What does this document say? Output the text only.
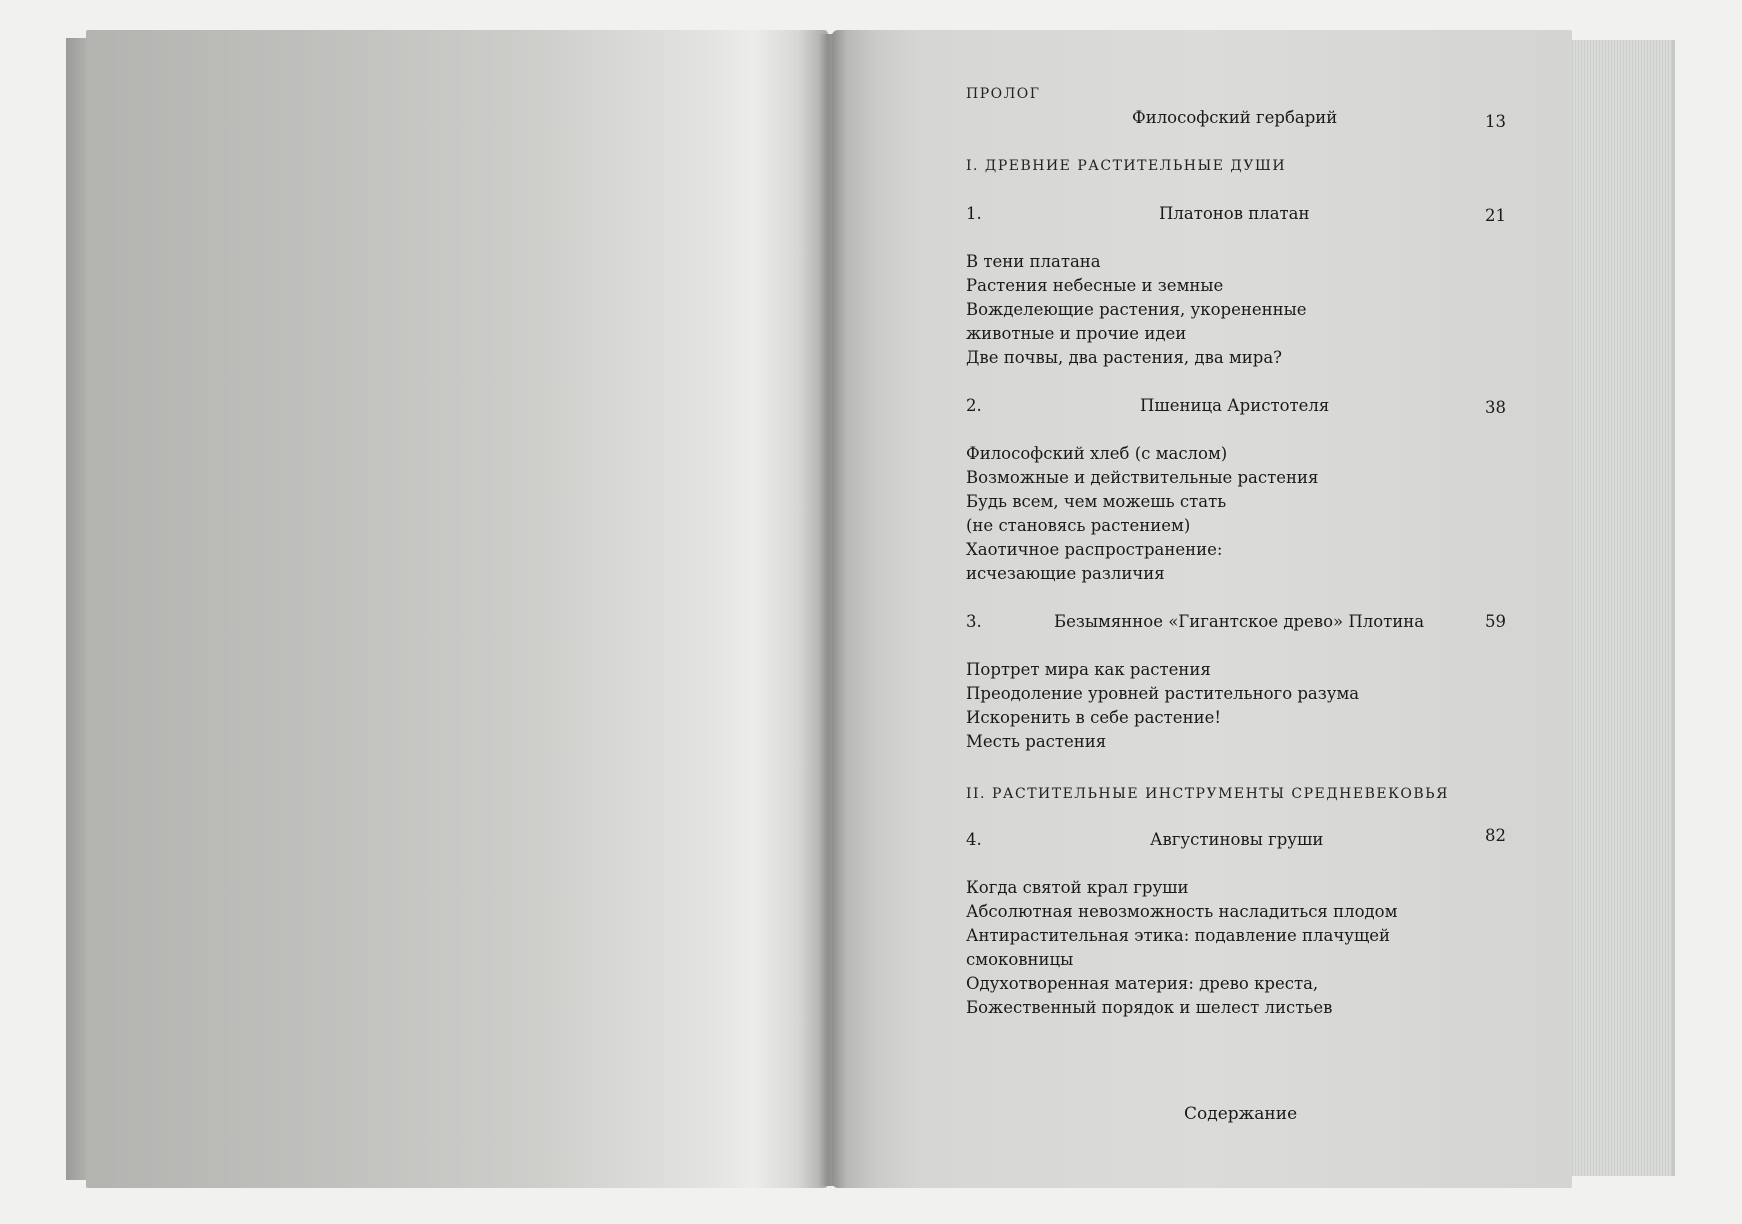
ПРОЛОГ
Философский гербарий	13
I. ДРЕВНИЕ РАСТИТЕЛЬНЫЕ ДУШИ
1.	Платонов платан	21
В тени платана
Растения небесные и земные
Вожделеющие растения, укорененные
животные и прочие идеи
Две почвы, два растения, два мира?
2.	Пшеница Аристотеля	38
Философский хлеб (с маслом)
Возможные и действительные растения
Будь всем, чем можешь стать
(не становясь растением)
Хаотичное распространение:
исчезающие различия
3.	Безымянное «Гигантское древо» Плотина	59
Портрет мира как растения
Преодоление уровней растительного разума
Искоренить в себе растение!
Месть растения
II. РАСТИТЕЛЬНЫЕ ИНСТРУМЕНТЫ СРЕДНЕВЕКОВЬЯ
4.	Августиновы груши	82
Когда святой крал груши
Абсолютная невозможность насладиться плодом
Антирастительная этика: подавление плачущей
смоковницы
Одухотворенная материя: древо креста,
Божественный порядок и шелест листьев
Содержание
